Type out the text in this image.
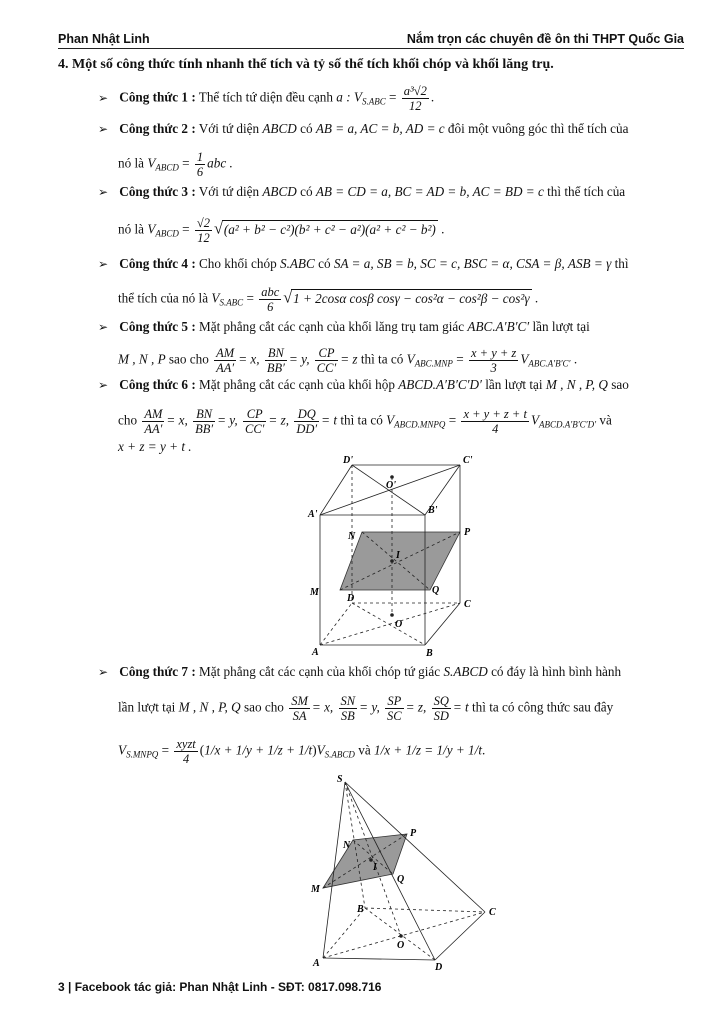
Phan Nhật Linh	Nắm trọn các chuyên đề ôn thi THPT Quốc Gia
4. Một số công thức tính nhanh thể tích và tỷ số thể tích khối chóp và khối lăng trụ.
➢ Công thức 1 : Thể tích tứ diện đều cạnh a : $V_{S.ABC} = \frac{\text{a³√2}}{12}$ .
➢ Công thức 2 : Với tứ diện ABCD có AB = a, AC = b, AD = c đôi một vuông góc thì thể tích của
nó là $V_{ABCD} = \frac{1}{6}$ abc .
➢ Công thức 3 : Với tứ diện ABCD có AB = CD = a, BC = AD = b, AC = BD = c thì thể tích của
nó là $V_{ABCD} = \frac{√2}{12} √(a^2 + b^2 - c^2)(b^2 + c^2 - a^2)(a^2 + c^2 - b^2)$ .
➢ Công thức 4 : Cho khối chóp S.ABC có SA = a, SB = b, SC = c, BSC = α, CSA = β, ASB = γ thì
thể tích của nó là $V_{S.ABC} = \frac{\text{abc}}{6} √1 + 2\cos\alpha$ cosβ cosγ − cos²α − cos²β − cos²γ .
➢ Công thức 5 : Mặt phẳng cắt các cạnh của khối lăng trụ tam giác ABC.A′B′C′ lần lượt tại
M , N , P sao cho $\frac{AM}{AA'} = x$, $\frac{BN}{BB'} = y$, $\frac{CP}{CC'} = z$ thì ta có $V_{ABC.MNP} = \frac{x + y + z}{3} V_{ABC.A'B'C'}$ .
➢ Công thức 6 : Mặt phẳng cắt các cạnh của khối hộp ABCD.A′B′C′D′ lần lượt tại M , N , P, Q sao
cho $\frac{AM}{AA'} = x$, $\frac{BN}{BB'} = y$, $\frac{CP}{CC'} = z$, $\frac{DQ}{DD'} = t$ thì ta có $V_{ABCD.MNPQ} = \frac{x + y + z + t}{4} V_{ABCD.A'B'C'D'}$ và
x + z = y + t .
D'	C'
O'
A'	B'
N	P
I
M	Q
D
C
O
A	B
➢ Công thức 7 : Mặt phẳng cắt các cạnh của khối chóp tứ giác S.ABCD có đáy là hình bình hành
lần lượt tại M , N , P, Q sao cho $\frac{SM}{SA} = x$, $\frac{SN}{SB} = y$, $\frac{SP}{SC} = z$, $\frac{SQ}{SD} = t$ thì ta có công thức sau đây
$V_{S.MNPQ} = \frac{\text{xyzt}}{4} (1/x + 1/y + 1/z + 1/t)V_{S.ABCD}$ và 1/x + 1/z = 1/y + 1/t.
S
P
N
I
Q
M
B	C
O
A	D
3 | Facebook tác giả: Phan Nhật Linh - SĐT: 0817.098.716
